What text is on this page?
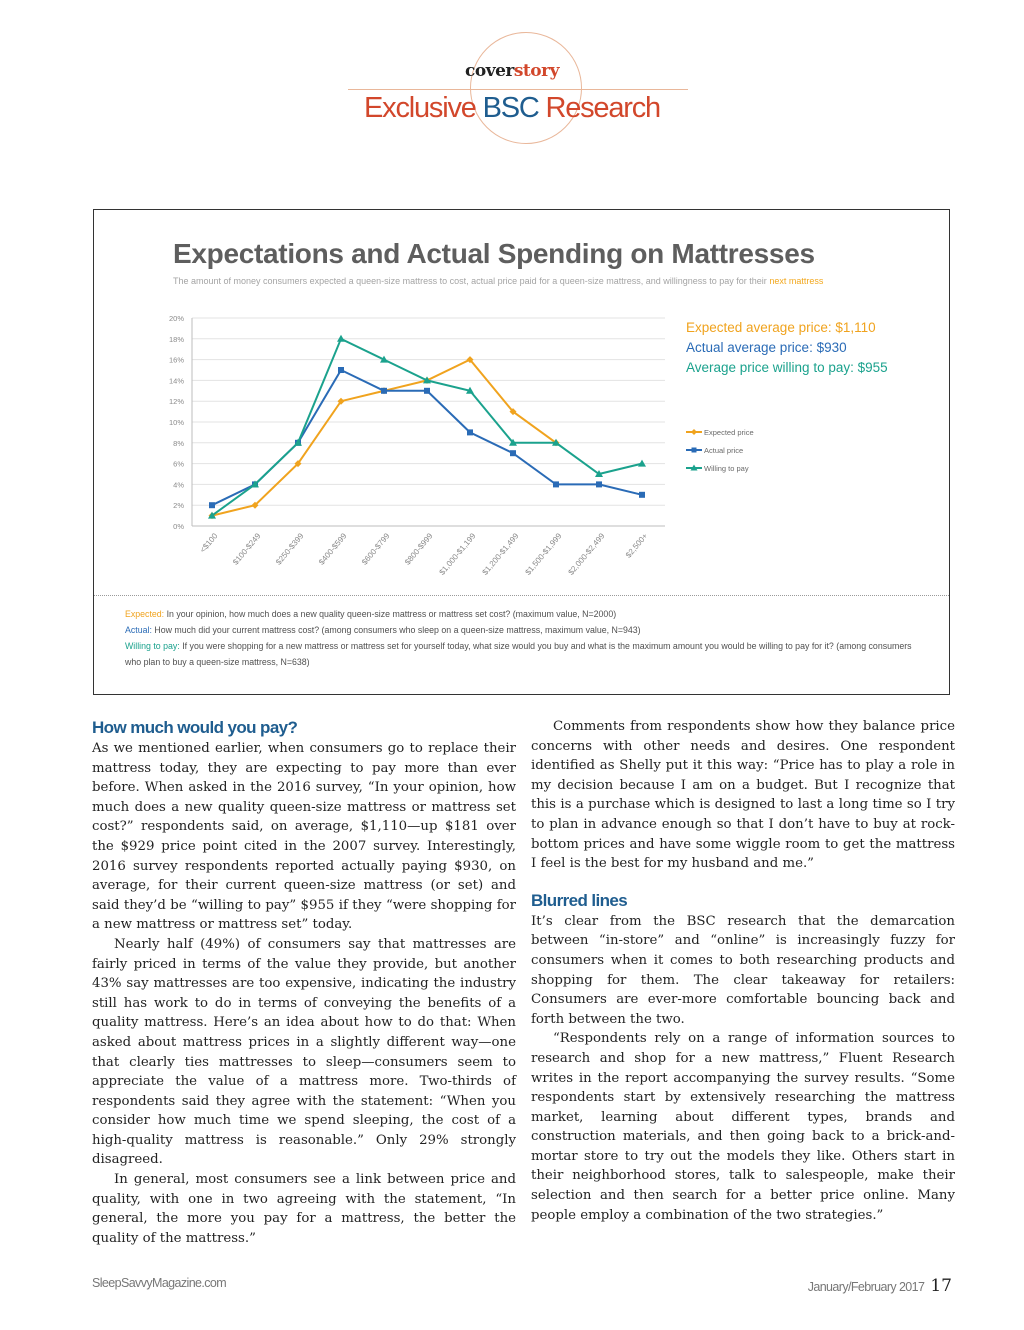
coverstory
Exclusive BSC Research
Expectations and Actual Spending on Mattresses
The amount of money consumers expected a queen-size mattress to cost, actual price paid for a queen-size mattress, and willingness to pay for their next mattress
0%
2%
4%
6%
8%
10%
12%
14%
16%
18%
20%
<$100 $100-$249 $250-$399 $400-$599 $600-$799 $800-$999 $1,000-$1,199 $1,200-$1,499 $1,500-$1,999 $2,000-$2,499 $2,500+
Expected price
Actual price
Willing to pay
Expected average price: $1,110
Actual average price: $930
Average price willing to pay: $955

Expected: In your opinion, how much does a new quality queen-size mattress or mattress set cost? (maximum value, N=2000)

Actual: How much did your current mattress cost? (among consumers who sleep on a queen-size mattress, maximum value, N=943)

Willing to pay: If you were shopping for a new mattress or mattress set for yourself today, what size would you buy and what is the maximum amount you would be willing to pay for it? (among consumers who plan to buy a queen-size mattress, N=638)

How much would you pay?

As we mentioned earlier, when consumers go to replace their mattress today, they are expecting to pay more than ever before. When asked in the 2016 survey, “In your opinion, how much does a new quality queen-size mattress or mattress set cost?” respondents said, on average, $1,110—up $181 over the $929 price point cited in the 2007 survey. Interestingly, 2016 survey respondents reported actually paying $930, on average, for their current queen-size mattress (or set) and said they’d be “willing to pay” $955 if they “were shopping for a new mattress or mattress set” today.

Nearly half (49%) of consumers say that mattresses are fairly priced in terms of the value they provide, but another 43% say mattresses are too expensive, indicating the industry still has work to do in terms of conveying the benefits of a quality mattress. Here’s an idea about how to do that: When asked about mattress prices in a slightly different way—one that clearly ties mattresses to sleep—consumers seem to appreciate the value of a mattress more. Two-thirds of respondents said they agree with the statement: “When you consider how much time we spend sleeping, the cost of a high-quality mattress is reasonable.” Only 29% strongly disagreed.

In general, most consumers see a link between price and quality, with one in two agreeing with the statement, “In general, the more you pay for a mattress, the better the quality of the mattress.”

Comments from respondents show how they balance price concerns with other needs and desires. One respondent identified as Shelly put it this way: “Price has to play a role in my decision because I am on a budget. But I recognize that this is a purchase which is designed to last a long time so I try to plan in advance enough so that I don’t have to buy at rock-bottom prices and have some wiggle room to get the mattress I feel is the best for my husband and me.”

Blurred lines

It’s clear from the BSC research that the demarcation between “in-store” and “online” is increasingly fuzzy for consumers when it comes to both researching products and shopping for them. The clear takeaway for retailers: Consumers are ever-more comfortable bouncing back and forth between the two.

“Respondents rely on a range of information sources to research and shop for a new mattress,” Fluent Research writes in the report accompanying the survey results. “Some respondents start by extensively researching the mattress market, learning about different types, brands and construction materials, and then going back to a brick-and-mortar store to try out the models they like. Others start in their neighborhood stores, talk to salespeople, make their selection and then search for a better price online. Many people employ a combination of the two strategies.”

SleepSavvyMagazine.com	January/February 2017 17
